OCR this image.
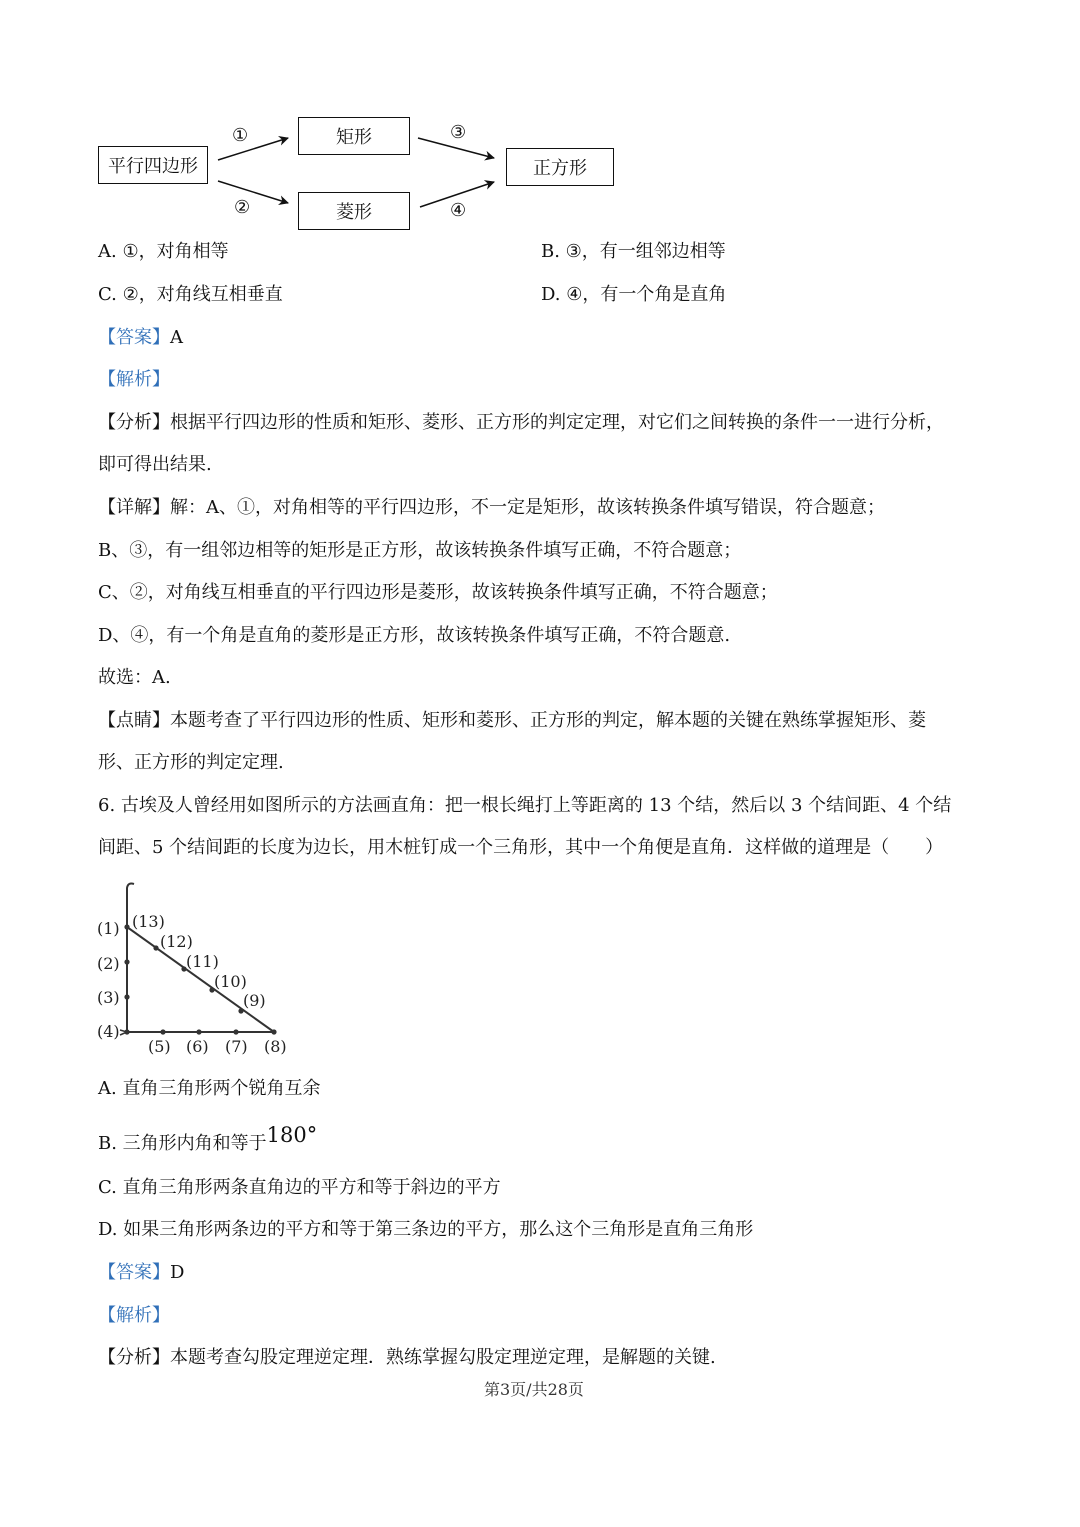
平行四边形
矩形
菱形
正方形
①
②
③
④
A. ①，对角相等	B. ③，有一组邻边相等
C. ②，对角线互相垂直	D. ④，有一个角是直角
【答案】A
【解析】
【分析】根据平行四边形的性质和矩形、菱形、正方形的判定定理，对它们之间转换的条件一一进行分析，
即可得出结果.
【详解】解：A、①，对角相等的平行四边形，不一定是矩形，故该转换条件填写错误，符合题意；
B、③，有一组邻边相等的矩形是正方形，故该转换条件填写正确，不符合题意；
C、②，对角线互相垂直的平行四边形是菱形，故该转换条件填写正确，不符合题意；
D、④，有一个角是直角的菱形是正方形，故该转换条件填写正确，不符合题意.
故选：A.
【点睛】本题考查了平行四边形的性质、矩形和菱形、正方形的判定，解本题的关键在熟练掌握矩形、菱
形、正方形的判定定理.
6. 古埃及人曾经用如图所示的方法画直角：把一根长绳打上等距离的 13 个结，然后以 3 个结间距、4 个结
间距、5 个结间距的长度为边长，用木桩钉成一个三角形，其中一个角便是直角．这样做的道理是（　　）
(1)
(2)
(3)
(4)
(5) (6) (7) (8)
(9)
(10)
(11)
(12)
(13)
A. 直角三角形两个锐角互余
B. 三角形内角和等于180°
C. 直角三角形两条直角边的平方和等于斜边的平方
D. 如果三角形两条边的平方和等于第三条边的平方，那么这个三角形是直角三角形
【答案】D
【解析】
【分析】本题考查勾股定理逆定理．熟练掌握勾股定理逆定理，是解题的关键.
第3页/共28页
